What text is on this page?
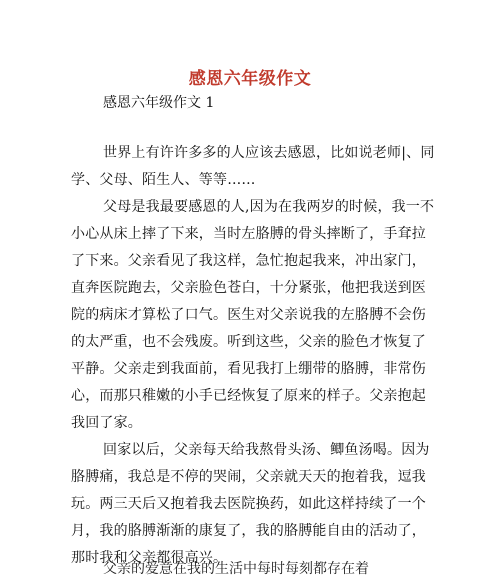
感恩六年级作文
感恩六年级作文 1
世界上有许许多多的人应该去感恩，比如说老师|、同
学、父母、陌生人、等等……
父母是我最要感恩的人,因为在我两岁的时候，我一不
小心从床上摔了下来，当时左胳膊的骨头摔断了，手耷拉
了下来。父亲看见了我这样，急忙抱起我来，冲出家门，
直奔医院跑去，父亲脸色苍白，十分紧张，他把我送到医
院的病床才算松了口气。医生对父亲说我的左胳膊不会伤
的太严重，也不会残废。听到这些，父亲的脸色才恢复了
平静。父亲走到我面前，看见我打上绷带的胳膊，非常伤
心，而那只稚嫩的小手已经恢复了原来的样子。父亲抱起
我回了家。
回家以后，父亲每天给我熬骨头汤、鲫鱼汤喝。因为
胳膊痛，我总是不停的哭闹，父亲就天天的抱着我，逗我
玩。两三天后又抱着我去医院换药，如此这样持续了一个
月，我的胳膊渐渐的康复了，我的胳膊能自由的活动了，
那时我和父亲都很高兴。
父亲的爱意在我的生活中每时每刻都存在着
